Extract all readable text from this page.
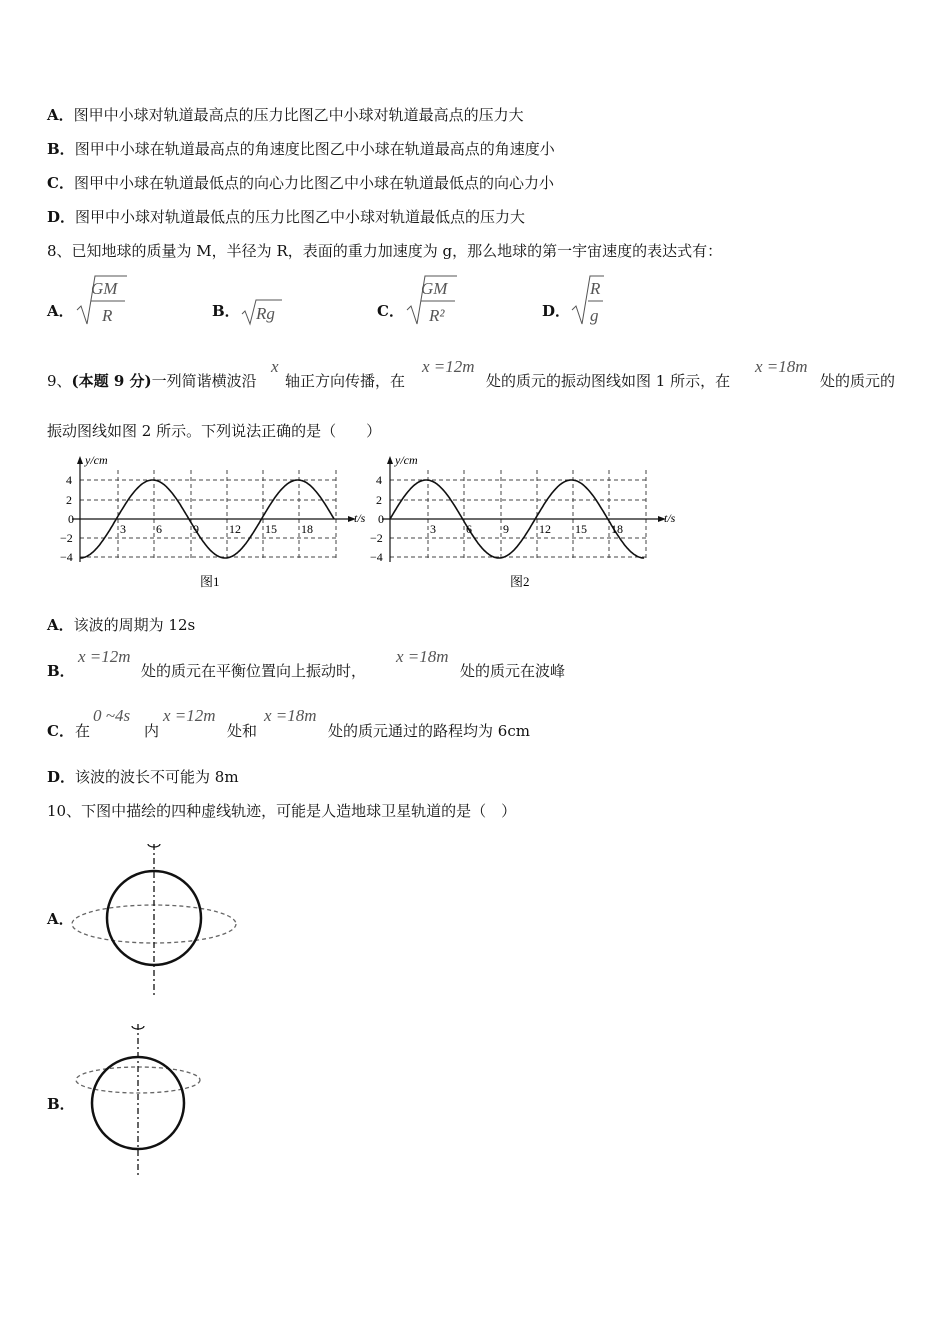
A．图甲中小球对轨道最高点的压力比图乙中小球对轨道最高点的压力大
B．图甲中小球在轨道最高点的角速度比图乙中小球在轨道最高点的角速度小
C．图甲中小球在轨道最低点的向心力比图乙中小球在轨道最低点的向心力小
D．图甲中小球对轨道最低点的压力比图乙中小球对轨道最低点的压力大
8、已知地球的质量为 M，半径为 R，表面的重力加速度为 g，那么地球的第一宇宙速度的表达式有：
A．
GM
R	B． Rg	C．
GM
R²	D．
R
g
9、(本题 9 分)一列简谐横波沿
x
轴正方向传播，在
x =12m
处的质元的振动图线如图 1 所示，在
x =18m
处的质元的
振动图线如图 2 所示。下列说法正确的是（　　）
y/cm
t/s
4
2
0
−2
−4
3	6	9	12 15 18
图1
y/cm
t/s
4
2
0
−2
−4
3	6	9	12 15 18
图2
A．该波的周期为 12s
B．
x =12m
处的质元在平衡位置向上振动时，
x =18m
处的质元在波峰
C． 在
0 ~4s
内
x =12m
处和
x =18m
处的质元通过的路程均为 6cm
D．该波的波长不可能为 8m
10、下图中描绘的四种虚线轨迹，可能是人造地球卫星轨道的是（　）
A．
B．
